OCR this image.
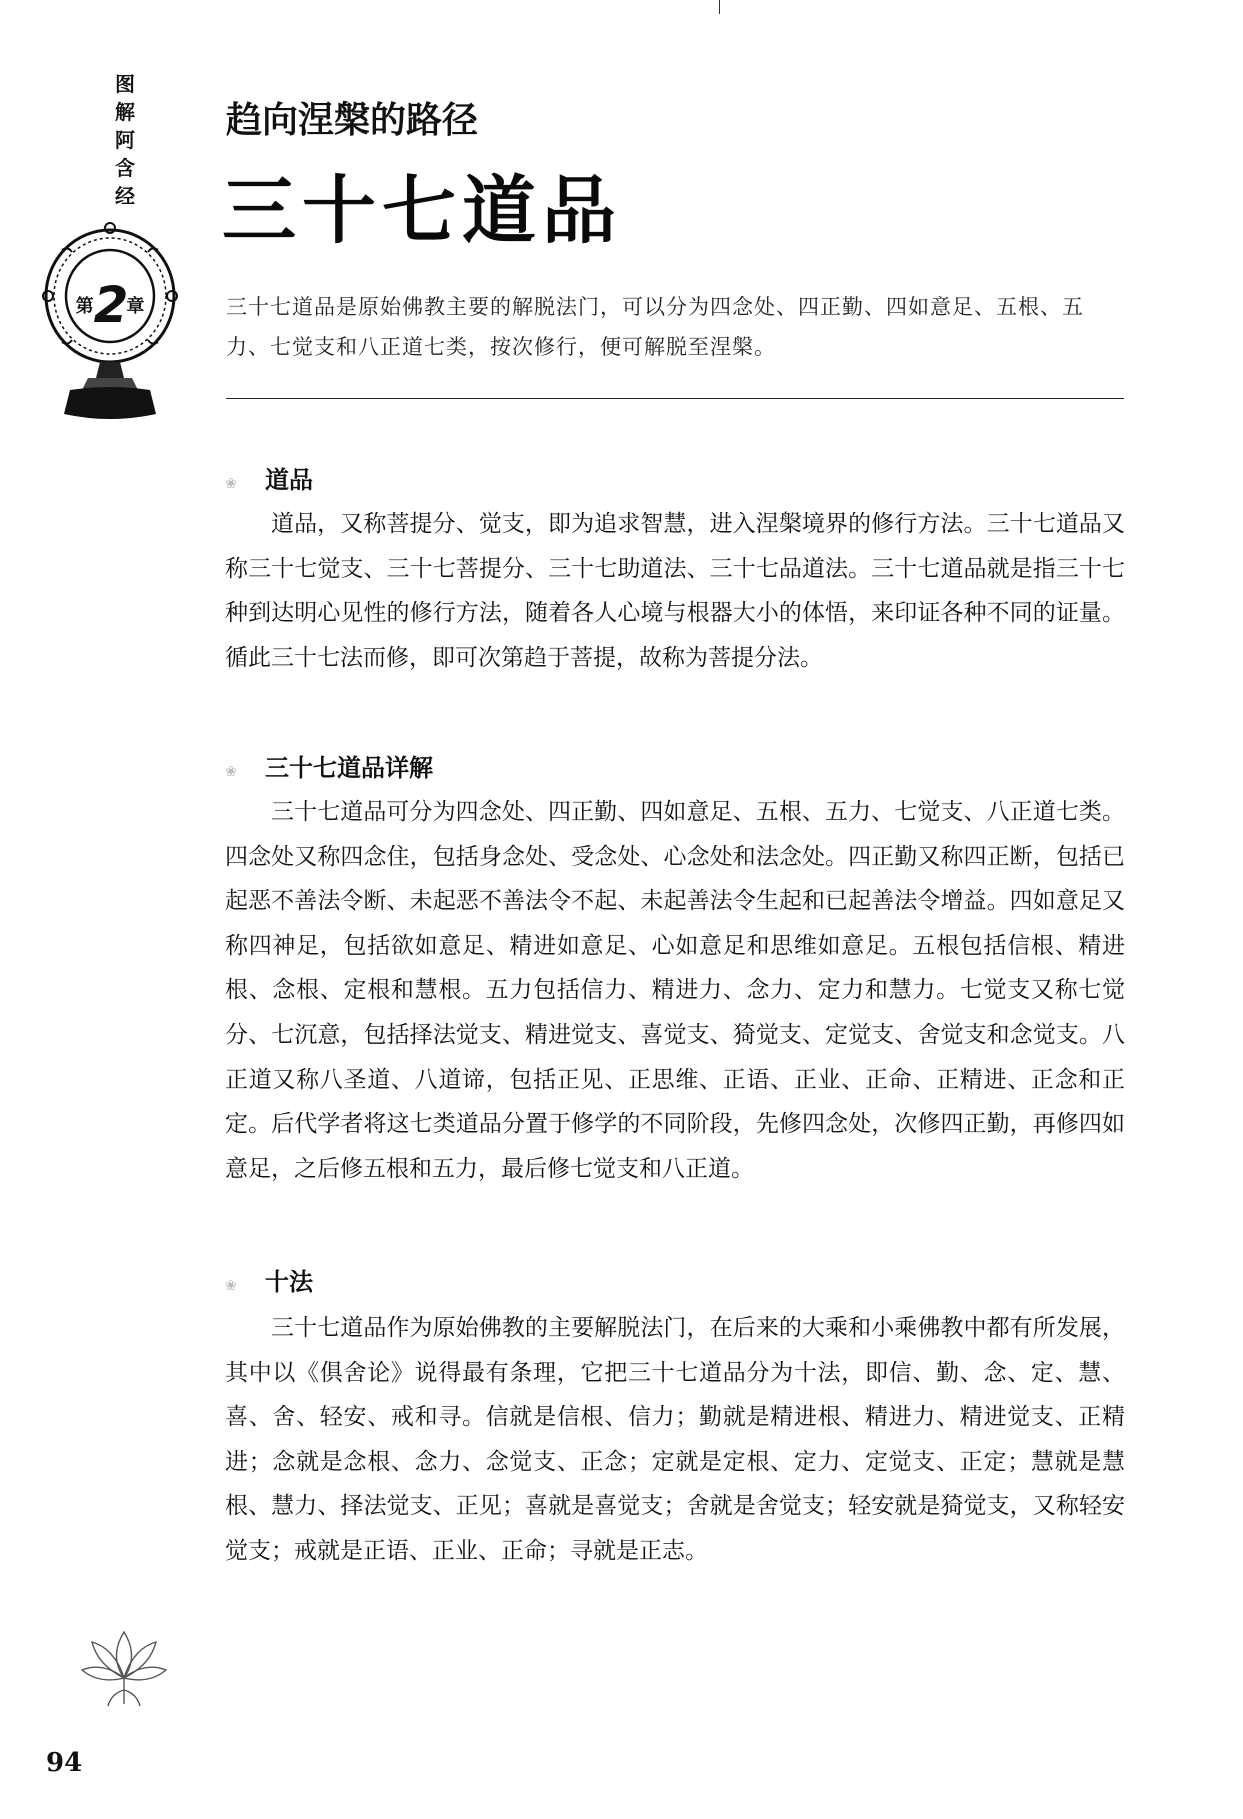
图
解
阿
含
经
第2章
趋向涅槃的路径
三十七道品
三十七道品是原始佛教主要的解脱法门，可以分为四念处、四正勤、四如意足、五根、五力、七觉支和八正道七类，按次修行，便可解脱至涅槃。
❀ 道品
道品，又称菩提分、觉支，即为追求智慧，进入涅槃境界的修行方法。三十七道品又称三十七觉支、三十七菩提分、三十七助道法、三十七品道法。三十七道品就是指三十七种到达明心见性的修行方法，随着各人心境与根器大小的体悟，来印证各种不同的证量。循此三十七法而修，即可次第趋于菩提，故称为菩提分法。
❀ 三十七道品详解
三十七道品可分为四念处、四正勤、四如意足、五根、五力、七觉支、八正道七类。四念处又称四念住，包括身念处、受念处、心念处和法念处。四正勤又称四正断，包括已起恶不善法令断、未起恶不善法令不起、未起善法令生起和已起善法令增益。四如意足又称四神足，包括欲如意足、精进如意足、心如意足和思维如意足。五根包括信根、精进根、念根、定根和慧根。五力包括信力、精进力、念力、定力和慧力。七觉支又称七觉分、七沉意，包括择法觉支、精进觉支、喜觉支、猗觉支、定觉支、舍觉支和念觉支。八正道又称八圣道、八道谛，包括正见、正思维、正语、正业、正命、正精进、正念和正定。后代学者将这七类道品分置于修学的不同阶段，先修四念处，次修四正勤，再修四如意足，之后修五根和五力，最后修七觉支和八正道。
❀ 十法
三十七道品作为原始佛教的主要解脱法门，在后来的大乘和小乘佛教中都有所发展，其中以《俱舍论》说得最有条理，它把三十七道品分为十法，即信、勤、念、定、慧、喜、舍、轻安、戒和寻。信就是信根、信力；勤就是精进根、精进力、精进觉支、正精进；念就是念根、念力、念觉支、正念；定就是定根、定力、定觉支、正定；慧就是慧根、慧力、择法觉支、正见；喜就是喜觉支；舍就是舍觉支；轻安就是猗觉支，又称轻安觉支；戒就是正语、正业、正命；寻就是正志。
94
